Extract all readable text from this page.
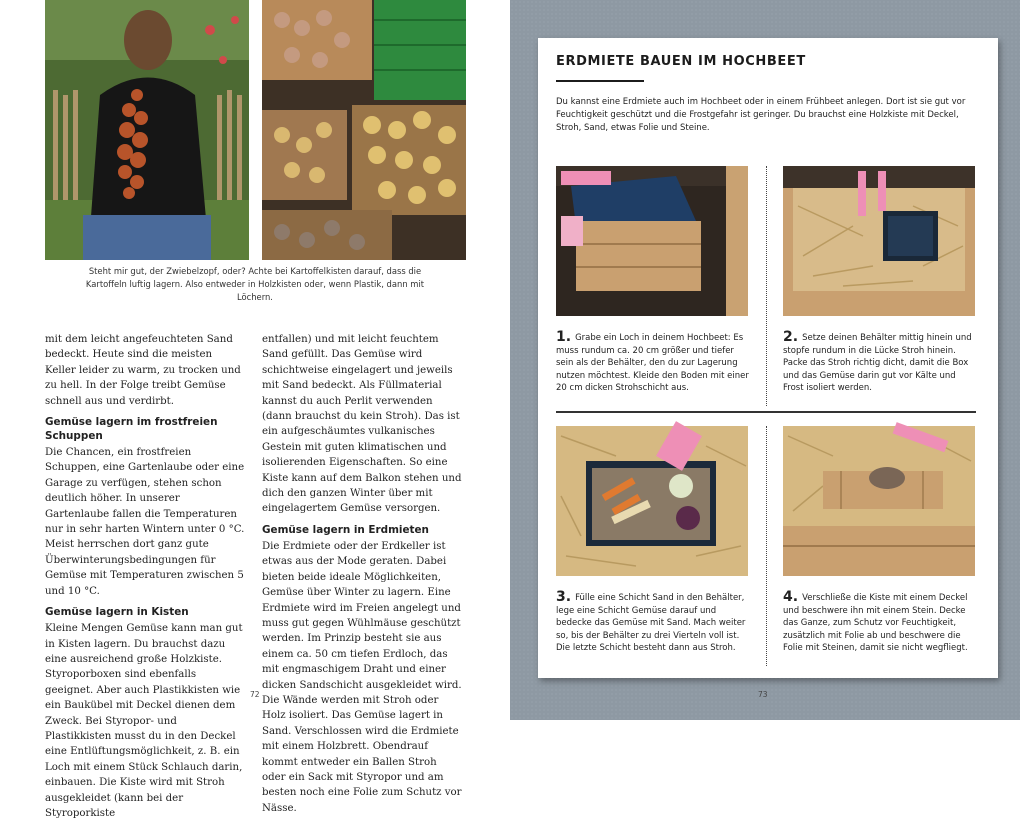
Steht mir gut, der Zwiebelzopf, oder? Achte bei Kartoffelkisten darauf, dass die Kartoffeln luftig lagern. Also entweder in Holzkisten oder, wenn Plastik, dann mit Löchern.

mit dem leicht angefeuchteten Sand bedeckt. Heute sind die meisten Keller leider zu warm, zu trocken und zu hell. In der Folge treibt Gemüse schnell aus und verdirbt.

Gemüse lagern im frostfreien Schuppen

Die Chancen, ein frostfreien Schuppen, eine Gartenlaube oder eine Garage zu verfügen, stehen schon deutlich höher. In unserer Gartenlaube fallen die Temperaturen nur in sehr harten Wintern unter 0 °C. Meist herrschen dort ganz gute Überwinterungsbedingungen für Gemüse mit Temperaturen zwischen 5 und 10 °C.

Gemüse lagern in Kisten

Kleine Mengen Gemüse kann man gut in Kisten lagern. Du brauchst dazu eine ausreichend große Holzkiste. Styroporboxen sind ebenfalls geeignet. Aber auch Plastikkisten wie ein Baukübel mit Deckel dienen dem Zweck. Bei Styropor- und Plastikkisten musst du in den Deckel eine Entlüftungsmöglichkeit, z. B. ein Loch mit einem Stück Schlauch darin, einbauen. Die Kiste wird mit Stroh ausgekleidet (kann bei der Styroporkiste

entfallen) und mit leicht feuchtem Sand gefüllt. Das Gemüse wird schichtweise eingelagert und jeweils mit Sand bedeckt. Als Füllmaterial kannst du auch Perlit verwenden (dann brauchst du kein Stroh). Das ist ein aufgeschäumtes vulkanisches Gestein mit guten klimatischen und isolierenden Eigenschaften. So eine Kiste kann auf dem Balkon stehen und dich den ganzen Winter über mit eingelagertem Gemüse versorgen.

Gemüse lagern in Erdmieten

Die Erdmiete oder der Erdkeller ist etwas aus der Mode geraten. Dabei bieten beide ideale Möglichkeiten, Gemüse über Winter zu lagern. Eine Erdmiete wird im Freien angelegt und muss gut gegen Wühlmäuse geschützt werden. Im Prinzip besteht sie aus einem ca. 50 cm tiefen Erdloch, das mit engmaschigem Draht und einer dicken Sandschicht ausgekleidet wird. Die Wände werden mit Stroh oder Holz isoliert. Das Gemüse lagert in Sand. Verschlossen wird die Erdmiete mit einem Holzbrett. Obendrauf kommt entweder ein Ballen Stroh oder ein Sack mit Styropor und am besten noch eine Folie zum Schutz vor Nässe.

72
ERDMIETE BAUEN IM HOCHBEET
Du kannst eine Erdmiete auch im Hochbeet oder in einem Frühbeet anlegen. Dort ist sie gut vor Feuchtigkeit geschützt und die Frostgefahr ist geringer. Du brauchst eine Holzkiste mit Deckel, Stroh, Sand, etwas Folie und Steine.
1. Grabe ein Loch in deinem Hochbeet: Es muss rundum ca. 20 cm größer und tiefer sein als der Behälter, den du zur Lagerung nutzen möchtest. Kleide den Boden mit einer 20 cm dicken Strohschicht aus.
2. Setze deinen Behälter mittig hinein und stopfe rundum in die Lücke Stroh hinein. Packe das Stroh richtig dicht, damit die Box und das Gemüse darin gut vor Kälte und Frost isoliert werden.
3. Fülle eine Schicht Sand in den Behälter, lege eine Schicht Gemüse darauf und bedecke das Gemüse mit Sand. Mach weiter so, bis der Behälter zu drei Vierteln voll ist. Die letzte Schicht besteht dann aus Stroh.
4. Verschließe die Kiste mit einem Deckel und beschwere ihn mit einem Stein. Decke das Ganze, zum Schutz vor Feuchtigkeit, zusätzlich mit Folie ab und beschwere die Folie mit Steinen, damit sie nicht wegfliegt.
73
